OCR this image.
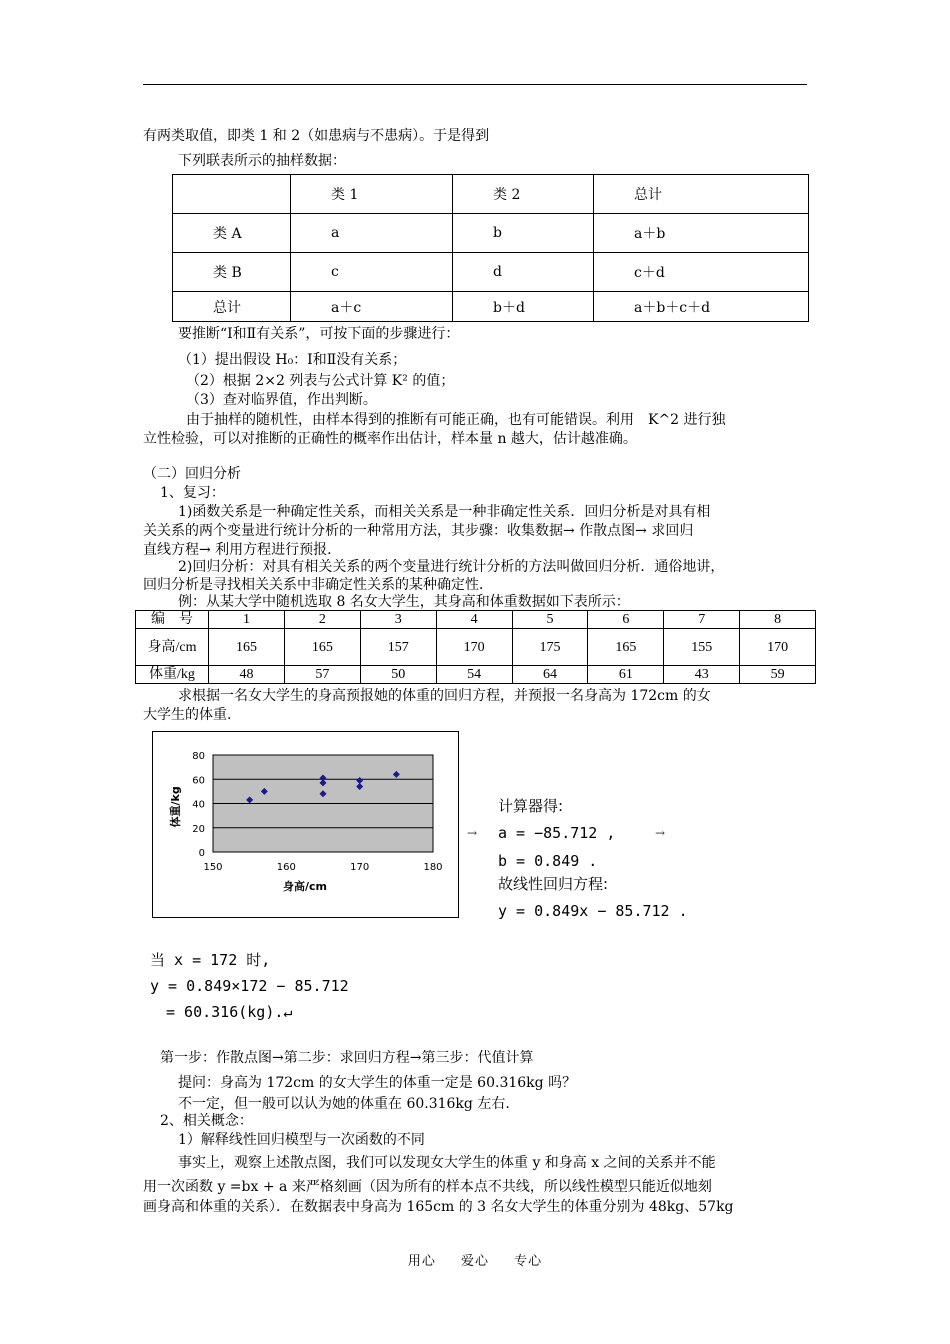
有两类取值，即类 1 和 2（如患病与不患病）。于是得到
下列联表所示的抽样数据：
	类 1	类 2	总计
类 A	a	b	a＋b
类 B	c	d	c＋d
总计	a＋c	b＋d	a＋b＋c＋d
要推断“Ⅰ和Ⅱ有关系”，可按下面的步骤进行：
（1）提出假设 H₀：Ⅰ和Ⅱ没有关系；
（2）根据 2×2 列表与公式计算 K² 的值；
（3）查对临界值，作出判断。
由于抽样的随机性，由样本得到的推断有可能正确，也有可能错误。利用　K^2 进行独
立性检验，可以对推断的正确性的概率作出估计，样本量 n 越大，估计越准确。
（二）回归分析
1、复习：
1)函数关系是一种确定性关系，而相关关系是一种非确定性关系．回归分析是对具有相
关关系的两个变量进行统计分析的一种常用方法，其步骤：收集数据→ 作散点图→ 求回归
直线方程→ 利用方程进行预报.
2)回归分析：对具有相关关系的两个变量进行统计分析的方法叫做回归分析．通俗地讲，
回归分析是寻找相关关系中非确定性关系的某种确定性．
例：从某大学中随机选取 8 名女大学生，其身高和体重数据如下表所示：
编　号	1	2	3	4	5	6	7	8
身高/cm	165	165	157	170	175	165	155	170
体重/kg	48	57	50	54	64	61	43	59
求根据一名女大学生的身高预报她的体重的回归方程，并预报一名身高为 172cm 的女
大学生的体重.
0
20
40
60
80
150	160	170	180
身高/cm
体重/kg
→	→
计算器得:
a = −85.712 ,
b = 0.849 .
故线性回归方程:
y = 0.849x − 85.712 .
当 x = 172 时,
y = 0.849×172 − 85.712
= 60.316(kg).↵
第一步：作散点图→第二步：求回归方程→第三步：代值计算
提问：身高为 172cm 的女大学生的体重一定是 60.316kg 吗？
不一定，但一般可以认为她的体重在 60.316kg 左右.
2、相关概念：
1）解释线性回归模型与一次函数的不同
事实上，观察上述散点图，我们可以发现女大学生的体重 y 和身高 x 之间的关系并不能
用一次函数 y =bx + a 来严格刻画（因为所有的样本点不共线，所以线性模型只能近似地刻
画身高和体重的关系）．在数据表中身高为 165cm 的 3 名女大学生的体重分别为 48kg、57kg
用心 爱心 专心
